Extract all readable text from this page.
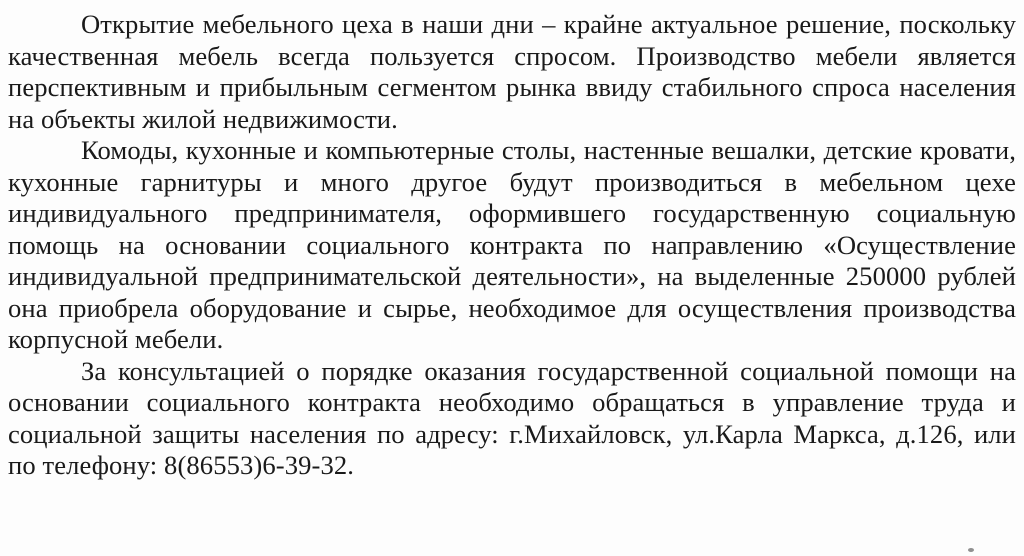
Открытие мебельного цеха в наши дни – крайне актуальное решение, поскольку качественная мебель всегда пользуется спросом. Производство мебели является перспективным и прибыльным сегментом рынка ввиду стабильного спроса населения на объекты жилой недвижимости.

Комоды, кухонные и компьютерные столы, настенные вешалки, детские кровати, кухонные гарнитуры и много другое будут производиться в мебельном цехе индивидуального предпринимателя, оформившего государственную социальную помощь на основании социального контракта по направлению «Осуществление индивидуальной предпринимательской деятельности», на выделенные 250000 рублей она приобрела оборудование и сырье, необходимое для осуществления производства корпусной мебели.

За консультацией о порядке оказания государственной социальной помощи на основании социального контракта необходимо обращаться в управление труда и социальной защиты населения по адресу: г.Михайловск, ул.Карла Маркса, д.126, или по телефону: 8(86553)6-39-32.
